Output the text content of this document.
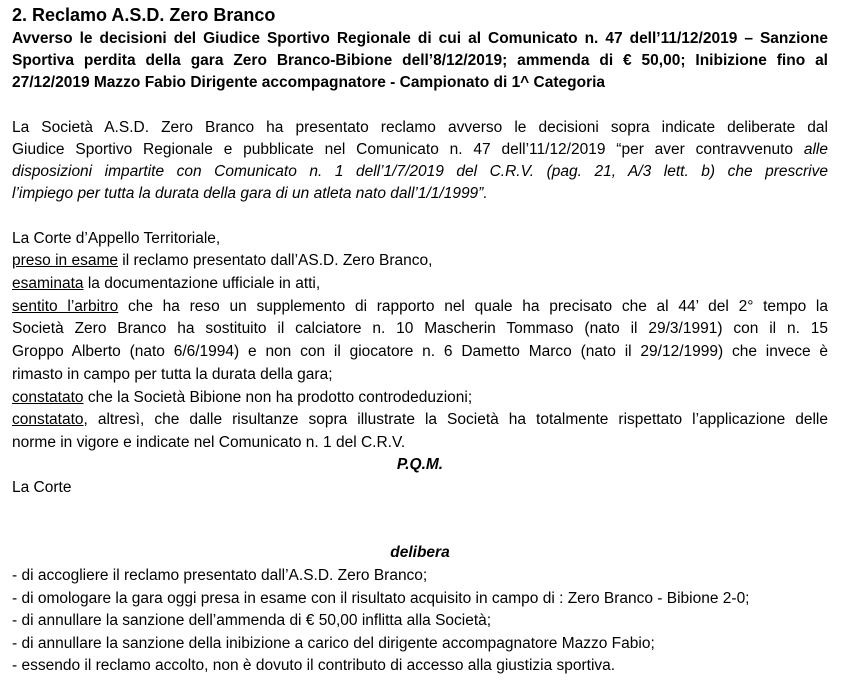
2. Reclamo A.S.D. Zero Branco
Avverso le decisioni del Giudice Sportivo Regionale di cui al Comunicato n. 47 dell’11/12/2019 – Sanzione
Sportiva perdita della gara Zero Branco-Bibione dell’8/12/2019; ammenda di € 50,00; Inibizione fino al
27/12/2019 Mazzo Fabio Dirigente accompagnatore - Campionato di 1^ Categoria
La Società A.S.D. Zero Branco ha presentato reclamo avverso le decisioni sopra indicate deliberate dal
Giudice Sportivo Regionale e pubblicate nel Comunicato n. 47 dell’11/12/2019 “per aver contravvenuto alle
disposizioni impartite con Comunicato n. 1 dell’1/7/2019 del C.R.V. (pag. 21, A/3 lett. b) che prescrive
l’impiego per tutta la durata della gara di un atleta nato dall’1/1/1999”.
La Corte d’Appello Territoriale,
preso in esame il reclamo presentato dall’AS.D. Zero Branco,
esaminata la documentazione ufficiale in atti,
sentito l’arbitro che ha reso un supplemento di rapporto nel quale ha precisato che al 44’ del 2° tempo la
Società Zero Branco ha sostituito il calciatore n. 10 Mascherin Tommaso (nato il 29/3/1991) con il n. 15
Groppo Alberto (nato 6/6/1994) e non con il giocatore n. 6 Dametto Marco (nato il 29/12/1999) che invece è
rimasto in campo per tutta la durata della gara;
constatato che la Società Bibione non ha prodotto controdeduzioni;
constatato, altresì, che dalle risultanze sopra illustrate la Società ha totalmente rispettato l’applicazione delle
norme in vigore e indicate nel Comunicato n. 1 del C.R.V.
P.Q.M.
La Corte
delibera
- di accogliere il reclamo presentato dall’A.S.D. Zero Branco;
- di omologare la gara oggi presa in esame con il risultato acquisito in campo di : Zero Branco - Bibione 2-0;
- di annullare la sanzione dell’ammenda di € 50,00 inflitta alla Società;
- di annullare la sanzione della inibizione a carico del dirigente accompagnatore Mazzo Fabio;
- essendo il reclamo accolto, non è dovuto il contributo di accesso alla giustizia sportiva.
